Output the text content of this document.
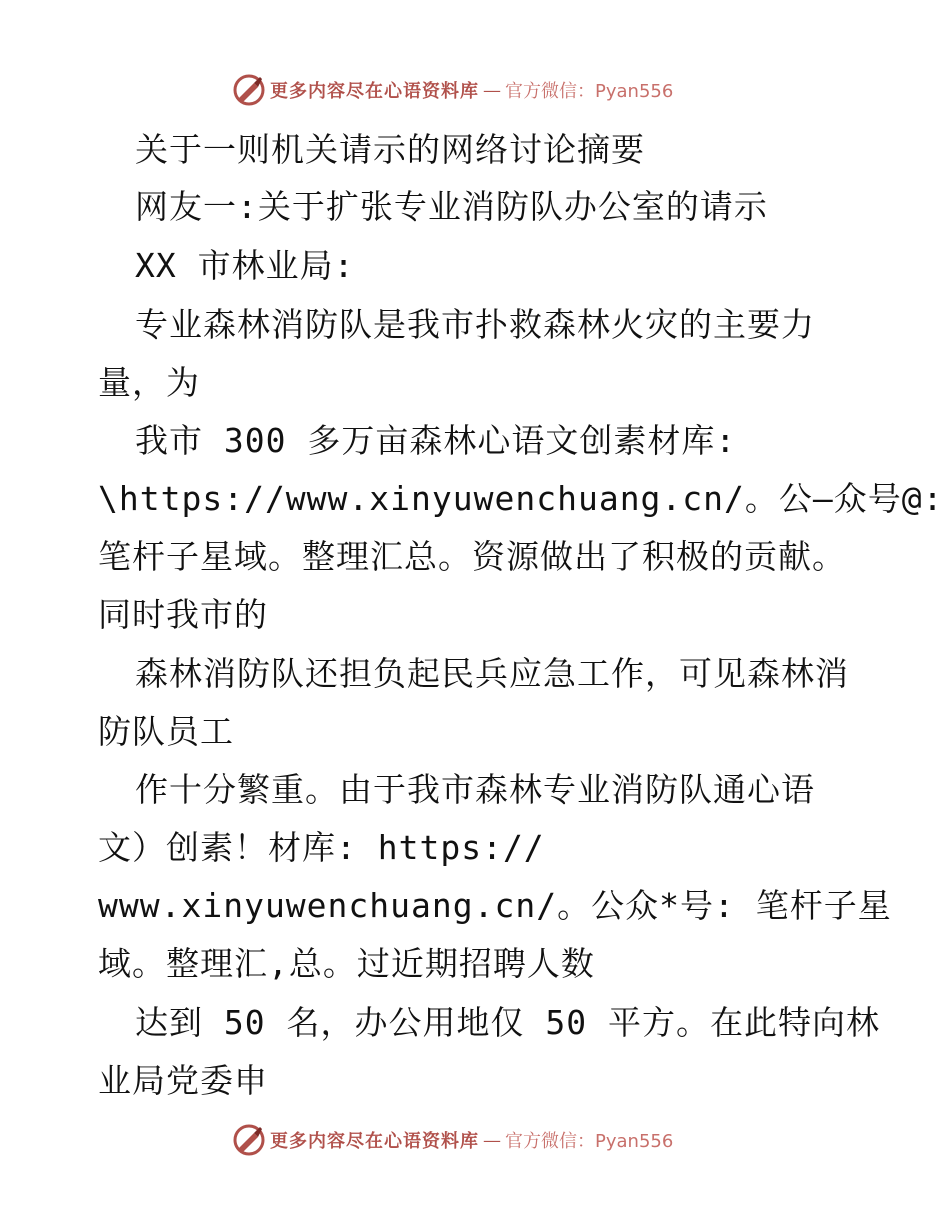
更多内容尽在心语资料库 — 官方微信：Pyan556

关于一则机关请示的网络讨论摘要

网友一:关于扩张专业消防队办公室的请示

XX 市林业局:

专业森林消防队是我市扑救森林火灾的主要力

量，为

我市 300 多万亩森林心语文创素材库:

\https://www.xinyuwenchuang.cn/。公—众号@:

笔杆子星域。整理汇总。资源做出了积极的贡献。

同时我市的

森林消防队还担负起民兵应急工作，可见森林消

防队员工

作十分繁重。由于我市森林专业消防队通心语

文）创素！材库: https://

www.xinyuwenchuang.cn/。公众*号: 笔杆子星

域。整理汇,总。过近期招聘人数

达到 50 名，办公用地仅 50 平方。在此特向林

业局党委申

更多内容尽在心语资料库 — 官方微信：Pyan556
